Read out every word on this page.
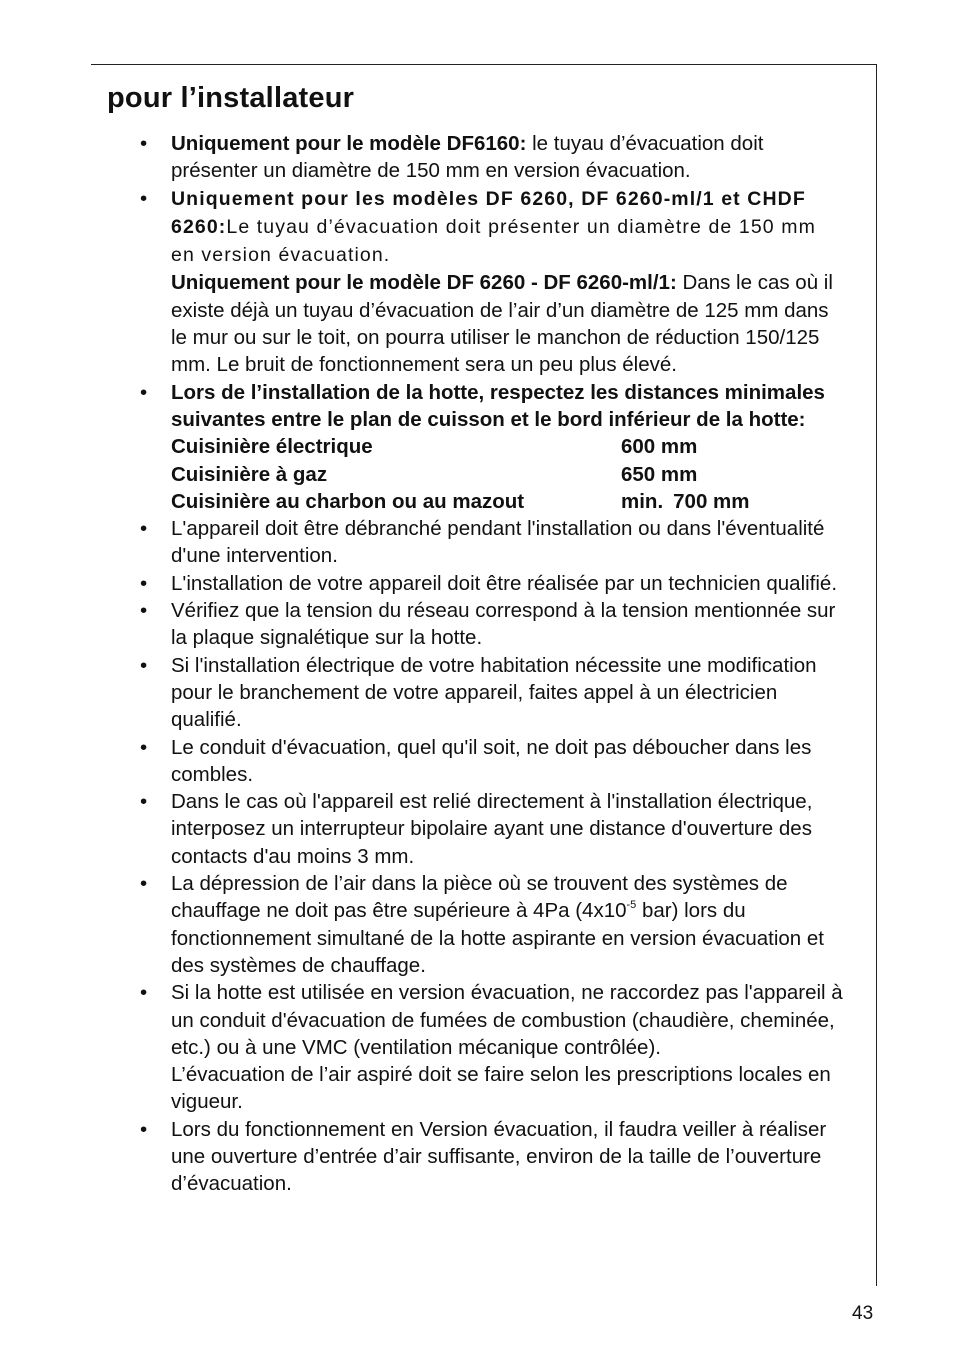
pour l’installateur
• Uniquement pour le modèle DF6160: le tuyau d’évacuation doit présenter un diamètre de 150 mm en version évacuation.
• Uniquement pour les modèles DF 6260, DF 6260-ml/1 et CHDF 6260:Le tuyau d’évacuation doit présenter un diamètre de 150 mm en version évacuation.
Uniquement pour le modèle DF 6260 - DF 6260-ml/1: Dans le cas où il existe déjà un tuyau d’évacuation de l’air d’un diamètre de 125 mm dans le mur ou sur le toit, on pourra utiliser le manchon de réduction 150/125 mm. Le bruit de fonctionnement sera un peu plus élevé.
• Lors de l’installation de la hotte, respectez les distances minimales suivantes entre le plan de cuisson et le bord inférieur de la hotte:
Cuisinière électrique	600 mm
Cuisinière à gaz	650 mm
Cuisinière au charbon ou au mazout	min. 700 mm
• L'appareil doit être débranché pendant l'installation ou dans l'éventualité d'une intervention.
• L'installation de votre appareil doit être réalisée par un technicien qualifié.
• Vérifiez que la tension du réseau correspond à la tension mentionnée sur la plaque signalétique sur la hotte.
• Si l'installation électrique de votre habitation nécessite une modification pour le branchement de votre appareil, faites appel à un électricien qualifié.
• Le conduit d'évacuation, quel qu'il soit, ne doit pas déboucher dans les combles.
• Dans le cas où l'appareil est relié directement à l'installation électrique, interposez un interrupteur bipolaire ayant une distance d'ouverture des contacts d'au moins 3 mm.
• La dépression de l’air dans la pièce où se trouvent des systèmes de chauffage ne doit pas être supérieure à 4Pa ($4x10^{-5}$ bar) lors du fonctionnement simultané de la hotte aspirante en version évacuation et des systèmes de chauffage.
• Si la hotte est utilisée en version évacuation, ne raccordez pas l'appareil à un conduit d'évacuation de fumées de combustion (chaudière, cheminée, etc.) ou à une VMC (ventilation mécanique contrôlée).
L’évacuation de l’air aspiré doit se faire selon les prescriptions locales en vigueur.
• Lors du fonctionnement en Version évacuation, il faudra veiller à réaliser une ouverture d’entrée d’air suffisante, environ de la taille de l’ouverture d’évacuation.
43
